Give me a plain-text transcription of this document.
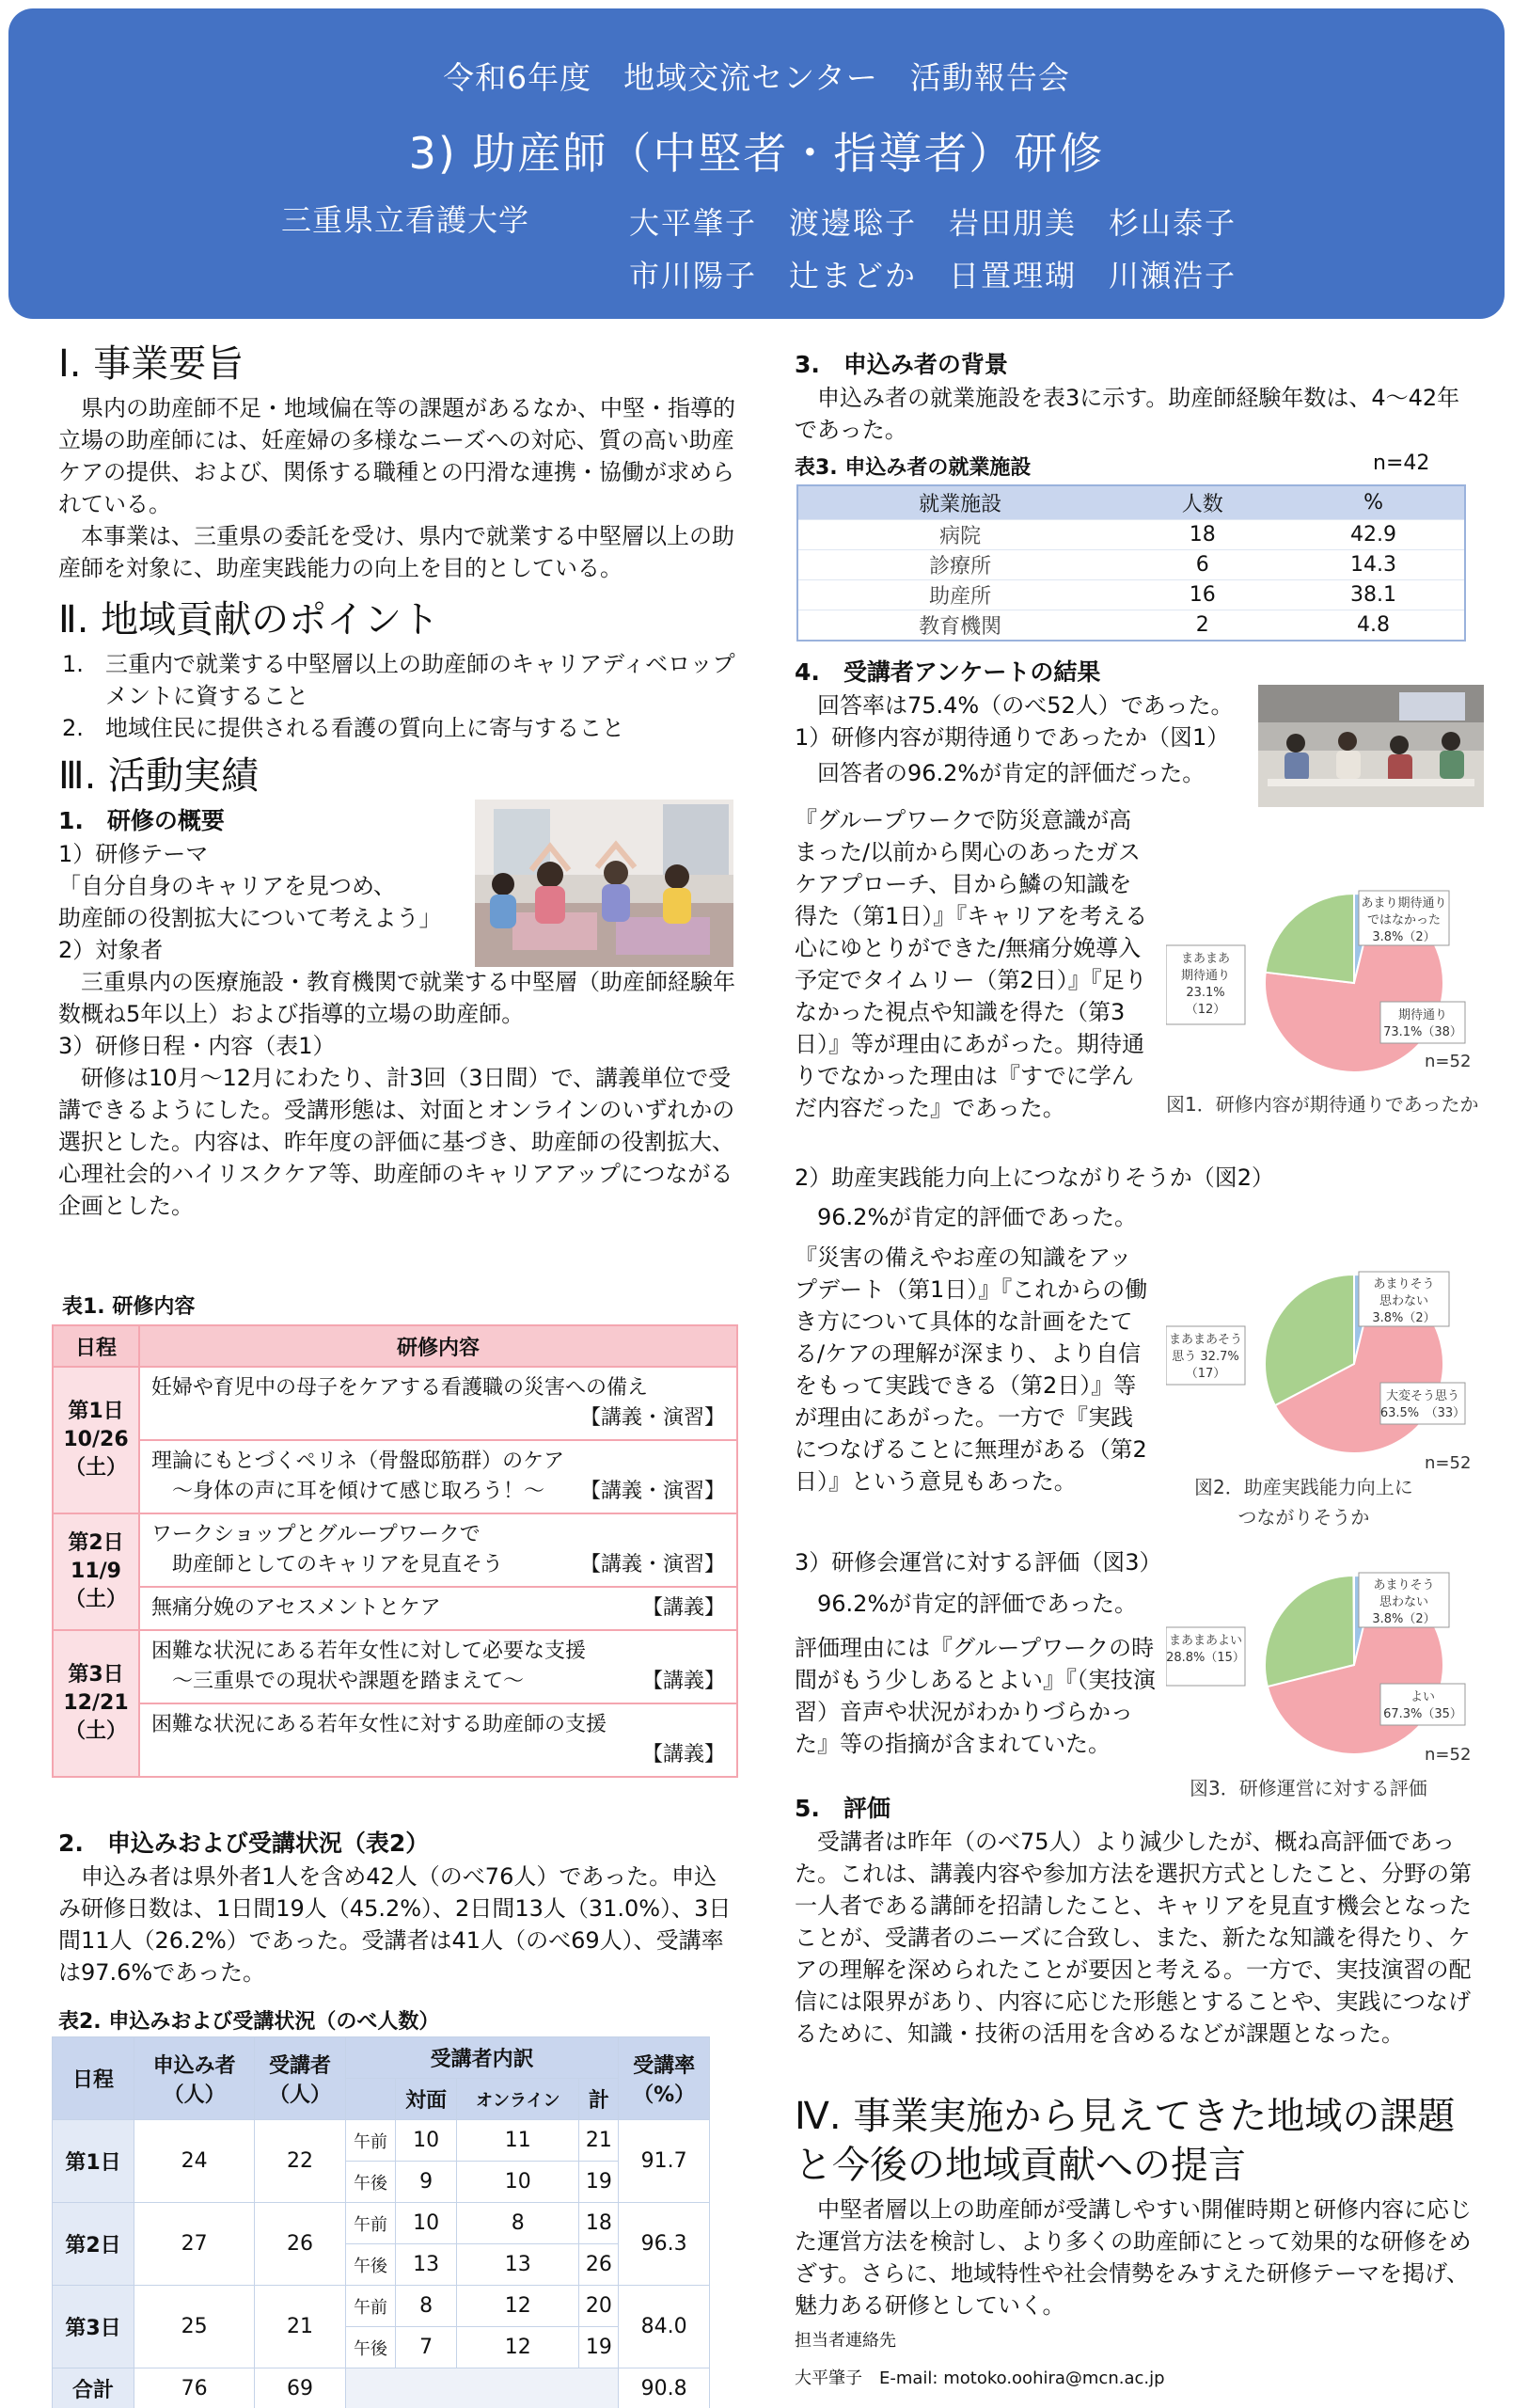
令和6年度　地域交流センター　活動報告会
3) 助産師（中堅者・指導者）研修
三重県立看護大学	大平肇子　渡邊聡子　岩田朋美　杉山泰子
市川陽子　辻まどか　日置理瑚　川瀬浩子
Ⅰ. 事業要旨

県内の助産師不足・地域偏在等の課題があるなか、中堅・指導的立場の助産師には、妊産婦の多様なニーズへの対応、質の高い助産ケアの提供、および、関係する職種との円滑な連携・協働が求められている。

本事業は、三重県の委託を受け、県内で就業する中堅層以上の助産師を対象に、助産実践能力の向上を目的としている。

Ⅱ. 地域貢献のポイント
1. 三重内で就業する中堅層以上の助産師のキャリアディベロップメントに資すること
2. 地域住民に提供される看護の質向上に寄与すること
Ⅲ. 活動実績
1.　研修の概要

1）研修テーマ

「自分自身のキャリアを見つめ、

助産師の役割拡大について考えよう」

2）対象者

三重県内の医療施設・教育機関で就業する中堅層（助産師経験年数概ね5年以上）および指導的立場の助産師。

3）研修日程・内容（表1）

研修は10月～12月にわたり、計3回（3日間）で、講義単位で受講できるようにした。受講形態は、対面とオンラインのいずれかの選択とした。内容は、昨年度の評価に基づき、助産師の役割拡大、心理社会的ハイリスクケア等、助産師のキャリアアップにつながる企画とした。

表1. 研修内容
日程	研修内容
第1日
10/26
（土）	妊婦や育児中の母子をケアする看護職の災害への備え

【講義・演習】

	理論にもとづくペリネ（骨盤邸筋群）のケア
　～身体の声に耳を傾けて感じ取ろう！～ 【講義・演習】

第2日
11/9
（土）	ワークショップとグループワークで
　助産師としてのキャリアを見直そう 【講義・演習】

	無痛分娩のアセスメントとケア 【講義】

第3日
12/21
（土）	困難な状況にある若年女性に対して必要な支援
　～三重県での現状や課題を踏まえて～ 【講義】

	困難な状況にある若年女性に対する助産師の支援

【講義】
2.　申込みおよび受講状況（表2）

申込み者は県外者1人を含め42人（のべ76人）であった。申込み研修日数は、1日間19人（45.2%）、2日間13人（31.0%）、3日間11人（26.2%）であった。受講者は41人（のべ69人）、受講率は97.6%であった。

表2. 申込みおよび受講状況（のべ人数）
日程	申込み者
（人）	受講者
（人）	受講者内訳				受講率
（%）
				対面	オンライン	計	
第1日	24	22	午前	10	11	21	91.7
			午後	9	10	19	
第2日	27	26	午前	10	8	18	96.3
			午後	13	13	26	
第3日	25	21	午前	8	12	20	84.0
			午後	7	12	19	
合計	76	69					90.8
3.　申込み者の背景

申込み者の就業施設を表3に示す。助産師経験年数は、4～42年であった。

表3. 申込み者の就業施設	n=42
就業施設	人数	%
病院	18	42.9
診療所	6	14.3
助産所	16	38.1
教育機関	2	4.8
4.　受講者アンケートの結果

回答率は75.4%（のべ52人）であった。

1）研修内容が期待通りであったか（図1）

回答者の96.2%が肯定的評価だった。

『グループワークで防災意識が高まった/以前から関心のあったガスケアプローチ、目から鱗の知識を得た（第1日）』『キャリアを考える心にゆとりができた/無痛分娩導入予定でタイムリー（第2日）』『足りなかった視点や知識を得た（第3日）』等が理由にあがった。期待通りでなかった理由は『すでに学んだ内容だった』であった。

あまり期待通り
ではなかった
3.8%（2）
まあまあ
期待通り
23.1%
（12）	期待通り
73.1%（38）
n=52
図1．研修内容が期待通りであったか

2）助産実践能力向上につながりそうか（図2）

96.2%が肯定的評価であった。

『災害の備えやお産の知識をアップデート（第1日）』『これからの働き方について具体的な計画をたてる/ケアの理解が深まり、より自信をもって実践できる（第2日）』等が理由にあがった。一方で『実践につなげることに無理がある（第2日）』という意見もあった。

あまりそう
思わない
3.8%（2）
まあまあそう
思う 32.7%
（17）
大変そう思う
63.5%　（33）
n=52
図2．助産実践能力向上に
つながりそうか

3）研修会運営に対する評価（図3）

96.2%が肯定的評価であった。

評価理由には『グループワークの時間がもう少しあるとよい』『（実技演習）音声や状況がわかりづらかった』等の指摘が含まれていた。

あまりそう
思わない
3.8%（2）
まあまあよい
28.8%（15）
よい
67.3%（35）
n=52
図3．研修運営に対する評価
5.　評価

受講者は昨年（のべ75人）より減少したが、概ね高評価であった。これは、講義内容や参加方法を選択方式としたこと、分野の第一人者である講師を招請したこと、キャリアを見直す機会となったことが、受講者のニーズに合致し、また、新たな知識を得たり、ケアの理解を深められたことが要因と考える。一方で、実技演習の配信には限界があり、内容に応じた形態とすることや、実践につなげるために、知識・技術の活用を含めるなどが課題となった。

Ⅳ. 事業実施から見えてきた地域の課題
と今後の地域貢献への提言

中堅者層以上の助産師が受講しやすい開催時期と研修内容に応じた運営方法を検討し、より多くの助産師にとって効果的な研修をめざす。さらに、地域特性や社会情勢をみすえた研修テーマを掲げ、魅力ある研修としていく。

担当者連絡先

大平肇子　E-mail: motoko.oohira@mcn.ac.jp
